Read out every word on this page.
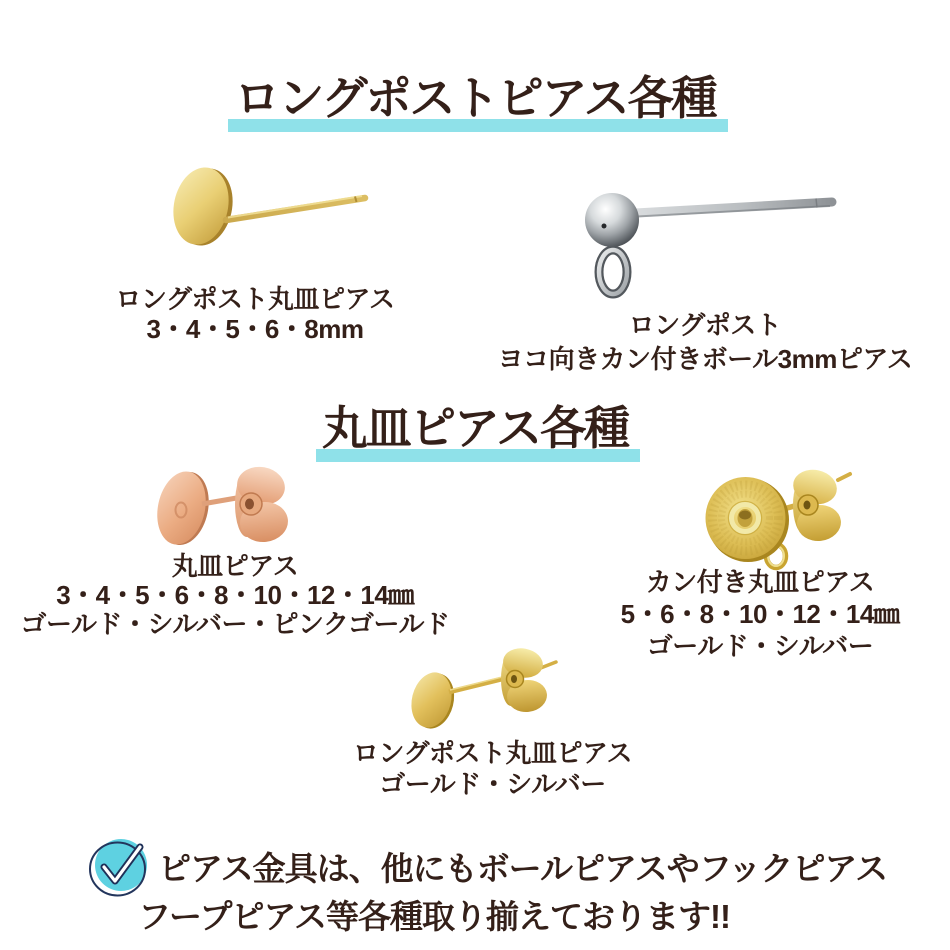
ロングポストピアス各種
ロングポスト丸皿ピアス
3・4・5・6・8mm	ロングポスト
ヨコ向きカン付きボール3mmピアス
丸皿ピアス各種
丸皿ピアス
3・4・5・6・8・10・12・14㎜
ゴールド・シルバー・ピンクゴールド
カン付き丸皿ピアス
5・6・8・10・12・14㎜
ゴールド・シルバー
ロングポスト丸皿ピアス
ゴールド・シルバー
ピアス金具は、他にもボールピアスやフックピアス
フープピアス等各種取り揃えております!!
